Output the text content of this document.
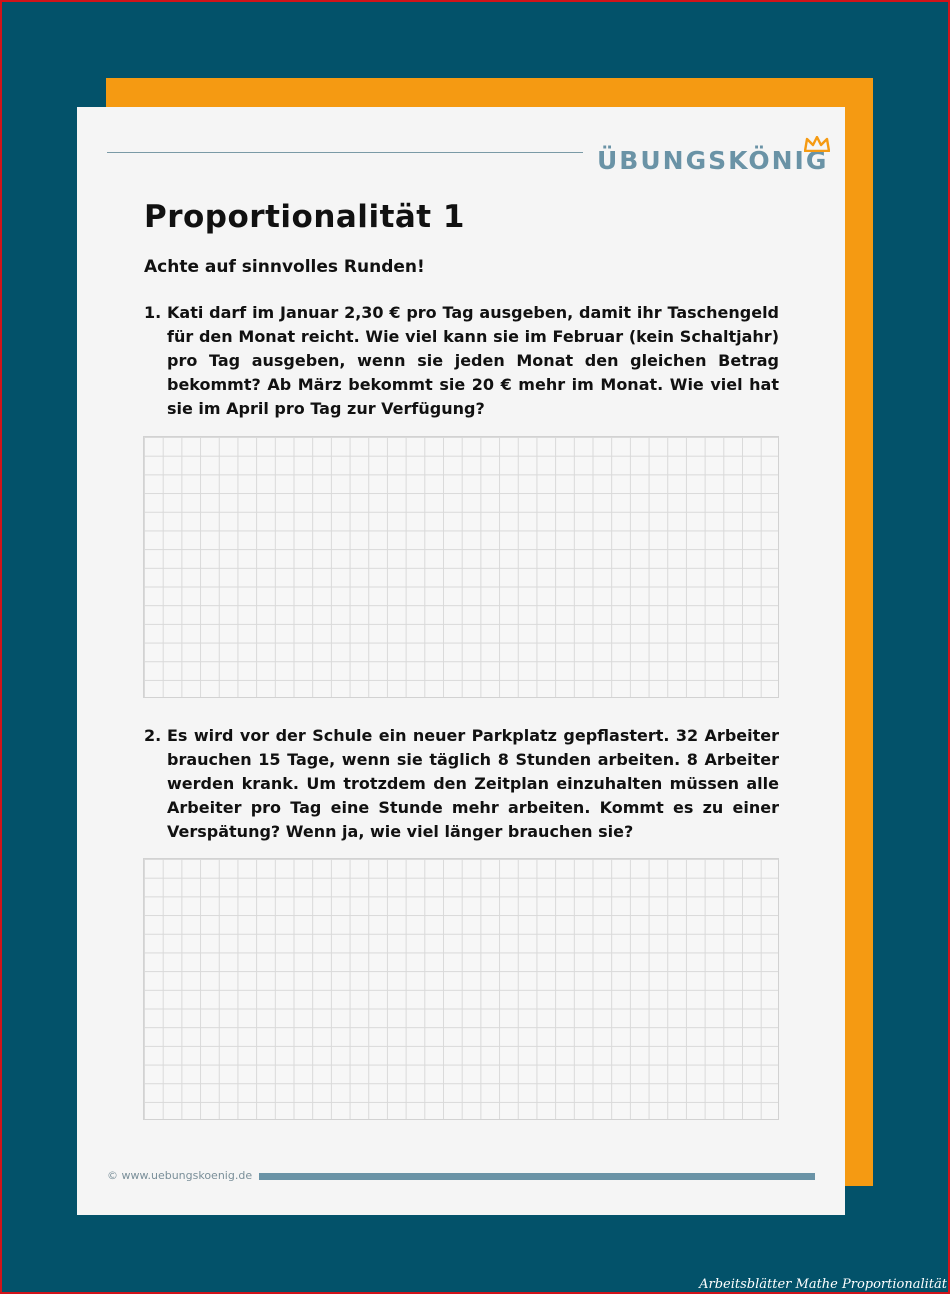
ÜBUNGSKÖNIG
Proportionalität 1
Achte auf sinnvolles Runden!
1. Kati darf im Januar 2,30 € pro Tag ausgeben, damit ihr Taschengeld für den Monat reicht. Wie viel kann sie im Februar (kein Schaltjahr) pro Tag ausgeben, wenn sie jeden Monat den gleichen Betrag bekommt? Ab März bekommt sie 20 € mehr im Monat. Wie viel hat sie im April pro Tag zur Verfügung?
2. Es wird vor der Schule ein neuer Parkplatz gepflastert. 32 Arbeiter brauchen 15 Tage, wenn sie täglich 8 Stunden arbeiten. 8 Arbeiter werden krank. Um trotzdem den Zeitplan einzuhalten müssen alle Arbeiter pro Tag eine Stunde mehr arbeiten. Kommt es zu einer Verspätung? Wenn ja, wie viel länger brauchen sie?
© www.uebungskoenig.de
Arbeitsblätter Mathe Proportionalität
